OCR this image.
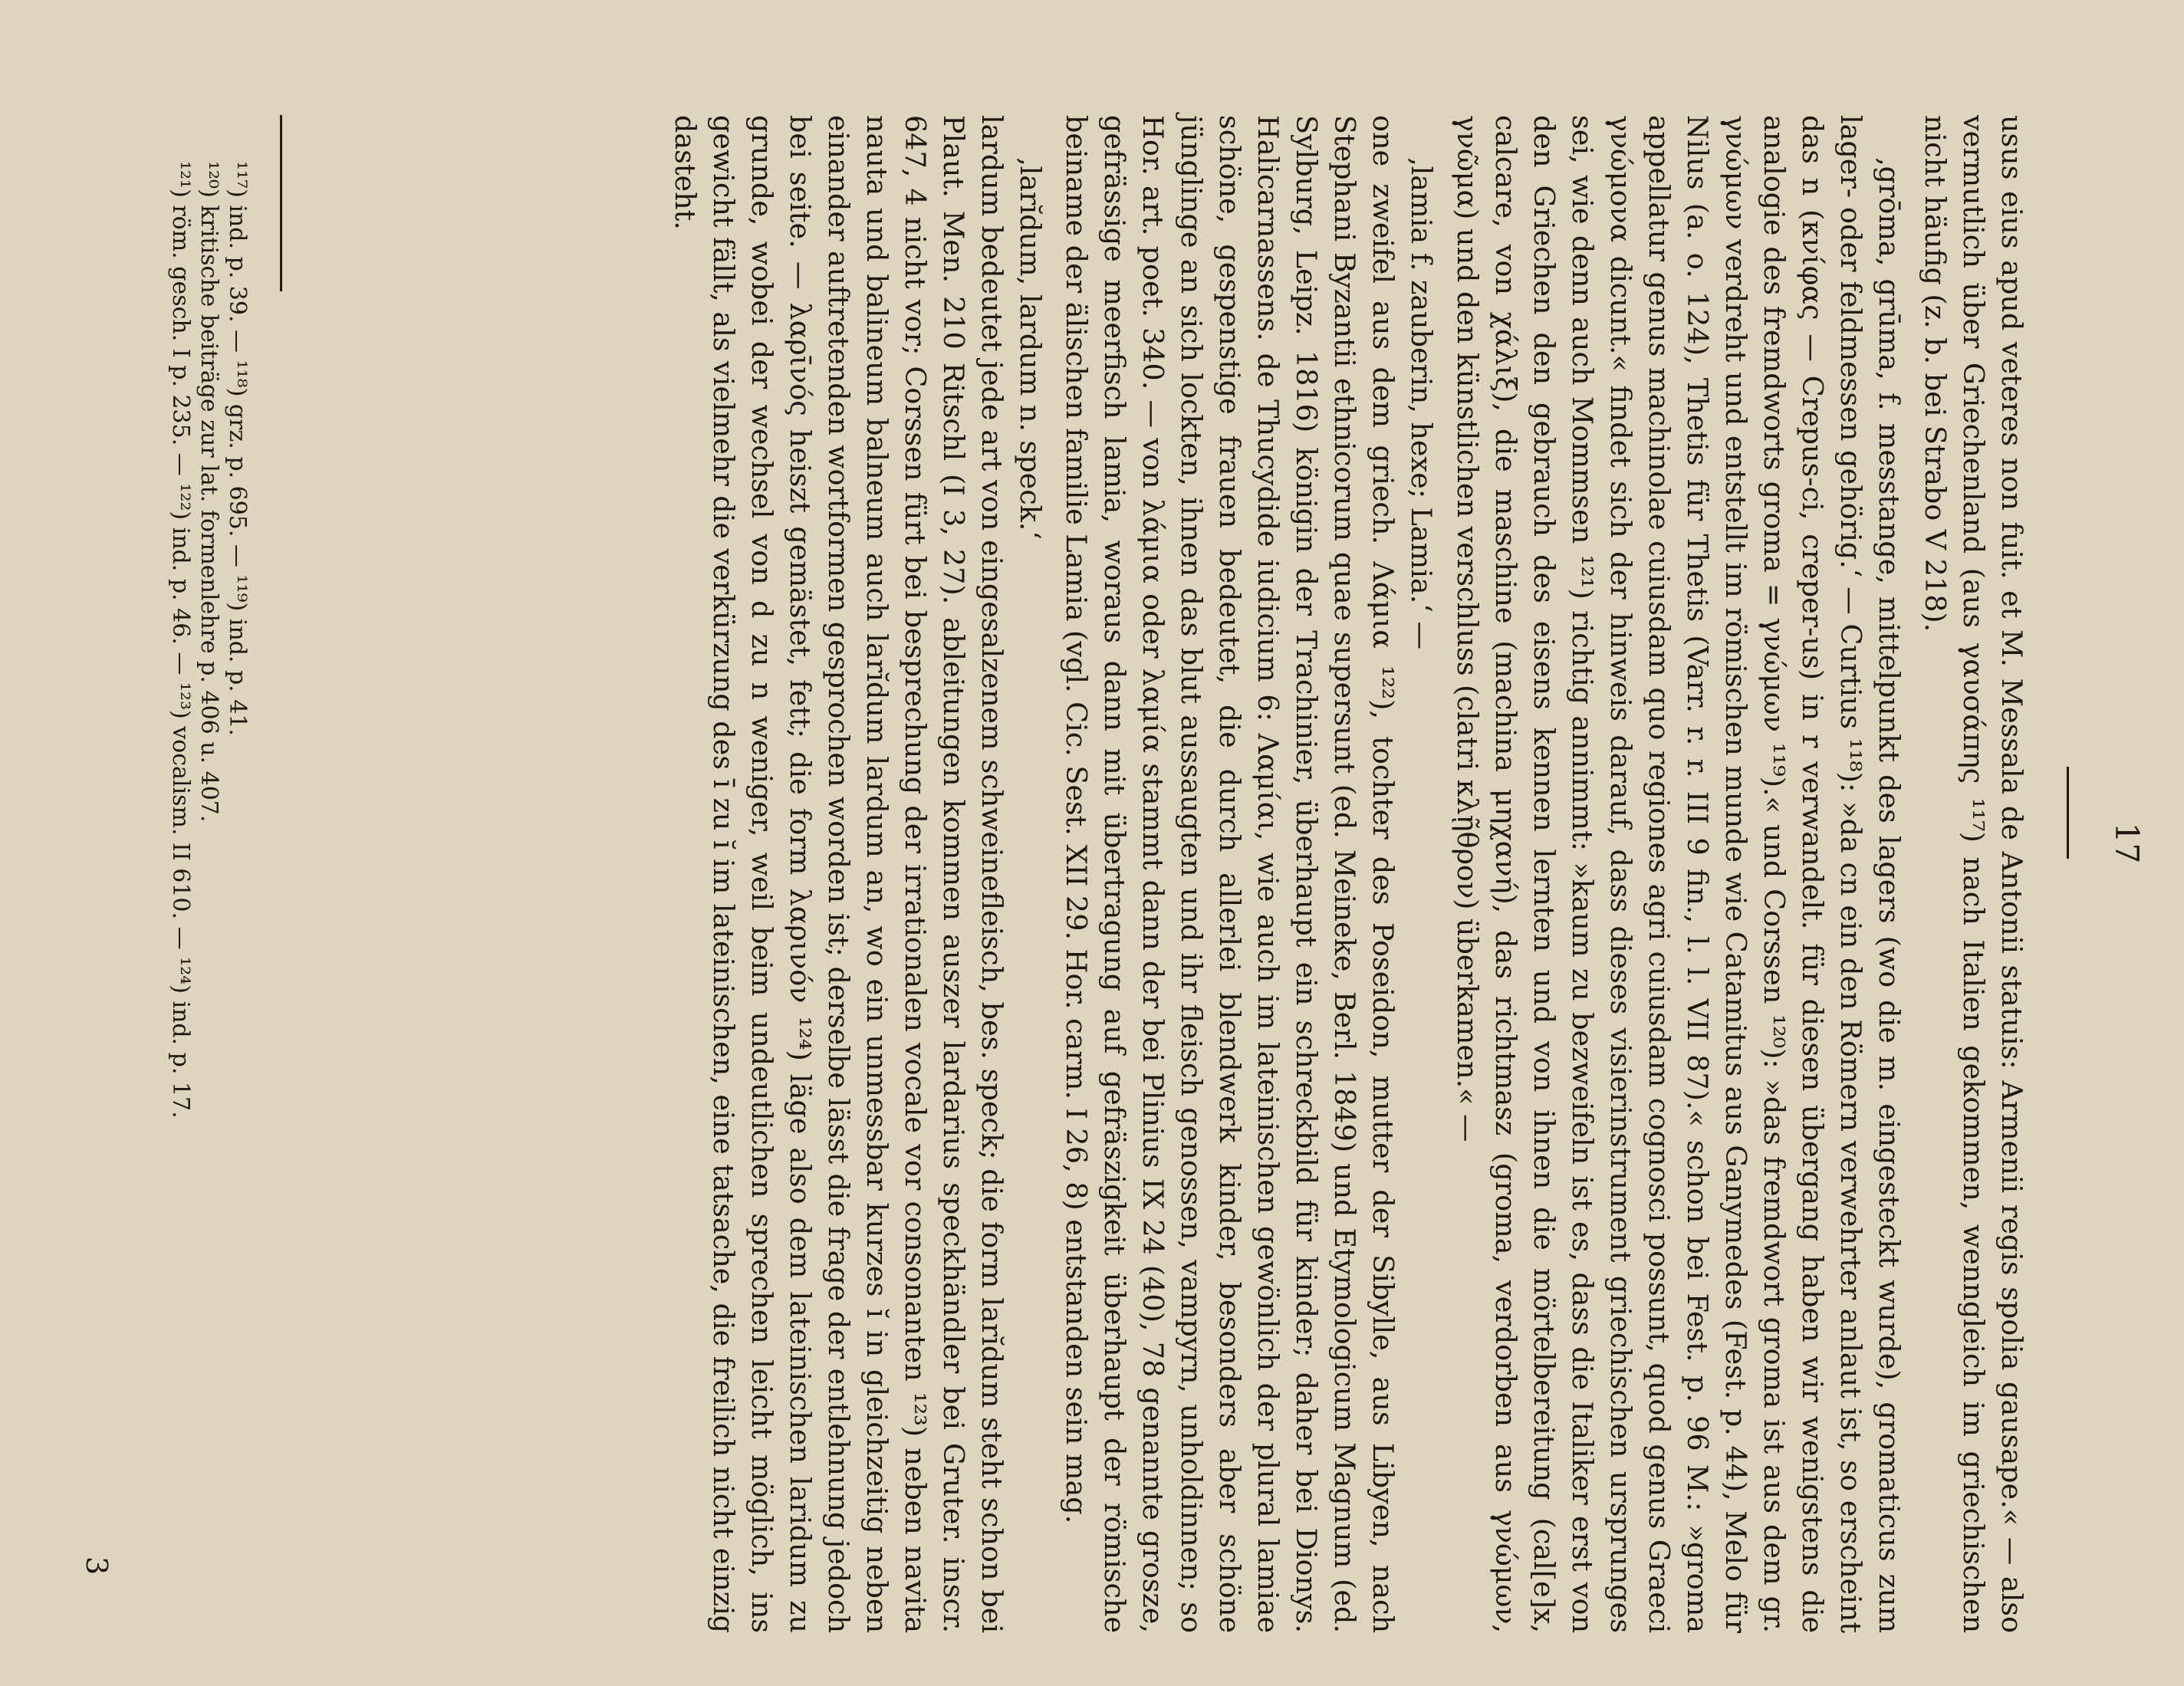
17

usus eius apud veteres non fuit. et M. Messala de Antonii statuis: Armenii regis spolia gausape.« — also vermutlich über Griechenland (aus γαυσάπης ¹¹⁷) nach Italien gekommen, wenngleich im griechischen nicht häufig (z. b. bei Strabo V 218).

‚grōma, grūma, f. messtange, mittelpunkt des lagers (wo die m. eingesteckt wurde), gromaticus zum lager- oder feldmessen gehörig.‘ — Curtius ¹¹⁸): »da cn ein den Römern verwehrter anlaut ist, so erscheint das n (κνίφας — Crepus-ci, creper-us) in r verwandelt. für diesen übergang haben wir wenigstens die analogie des fremdworts groma = γνώμων ¹¹⁹).« und Corssen ¹²⁰): »das fremdwort groma ist aus dem gr. γνώμων verdreht und entstellt im römischen munde wie Catamitus aus Ganymedes (Fest. p. 44), Melo für Nilus (a. o. 124), Thetis für Thetis (Varr. r. r. III 9 fin., l. l. VII 87).« schon bei Fest. p. 96 M.: »groma appellatur genus machinolae cuiusdam quo regiones agri cuiusdam cognosci possunt, quod genus Graeci γνώμονα dicunt.« findet sich der hinweis darauf, dass dieses visierinstrument griechischen ursprunges sei, wie denn auch Mommsen ¹²¹) richtig annimmt: »kaum zu bezweifeln ist es, dass die Italiker erst von den Griechen den gebrauch des eisens kennen lernten und von ihnen die mörtelbereitung (cal[e]x, calcare, von χάλιξ), die maschine (machina μηχανή), das richtmasz (groma, verdorben aus γνώμων, γνῶμα) und den künstlichen verschluss (clatri κλῇθρον) überkamen.« —

‚lamia f. zauberin, hexe; Lamia.‘ —

one zweifel aus dem griech. Λάμια ¹²²), tochter des Poseidon, mutter der Sibylle, aus Libyen, nach Stephani Byzantii ethnicorum quae supersunt (ed. Meineke, Berl. 1849) und Etymologicum Magnum (ed. Sylburg, Leipz. 1816) königin der Trachinier, überhaupt ein schreckbild für kinder; daher bei Dionys. Halicarnassens. de Thucydide iudicium 6: Λαμίαι, wie auch im lateinischen gewönlich der plural lamiae schöne, gespenstige frauen bedeutet, die durch allerlei blendwerk kinder, besonders aber schöne jünglinge an sich lockten, ihnen das blut aussaugten und ihr fleisch genossen, vampyrn, unholdinnen; so Hor. art. poet. 340. — von λάμια oder λαμία stammt dann der bei Plinius IX 24 (40), 78 genannte grosze, gefrässige meerfisch lamia, woraus dann mit übertragung auf gefräszigkeit überhaupt der römische beiname der älischen familie Lamia (vgl. Cic. Sest. XII 29. Hor. carm. I 26, 8) entstanden sein mag.

‚larĭdum, lardum n. speck.‘

lardum bedeutet jede art von eingesalzenem schweinefleisch, bes. speck; die form larĭdum steht schon bei Plaut. Men. 210 Ritschl (I 3, 27). ableitungen kommen auszer lardarius speckhändler bei Gruter. inscr. 647, 4 nicht vor; Corssen fürt bei besprechung der irrationalen vocale vor consonanten ¹²³) neben navita nauta und balineum balneum auch larĭdum lardum an, wo ein unmessbar kurzes ĭ in gleichzeitig neben einander auftretenden wortformen gesprochen worden ist; derselbe lässt die frage der entlehnung jedoch bei seite. — λαρῑνός heiszt gemästet, fett; die form λαρινόν ¹²⁴) läge also dem lateinischen laridum zu grunde, wobei der wechsel von d zu n weniger, weil beim undeutlichen sprechen leicht möglich, ins gewicht fällt, als vielmehr die verkürzung des ī zu ĭ im lateinischen, eine tatsache, die freilich nicht einzig dasteht.

¹¹⁷) ind. p. 39. — ¹¹⁸) grz. p. 695. — ¹¹⁹) ind. p. 41.
¹²⁰) kritische beiträge zur lat. formenlehre p. 406 u. 407.
¹²¹) röm. gesch. I p. 235. — ¹²²) ind. p. 46. — ¹²³) vocalism. II 610. — ¹²⁴) ind. p. 17.
3
